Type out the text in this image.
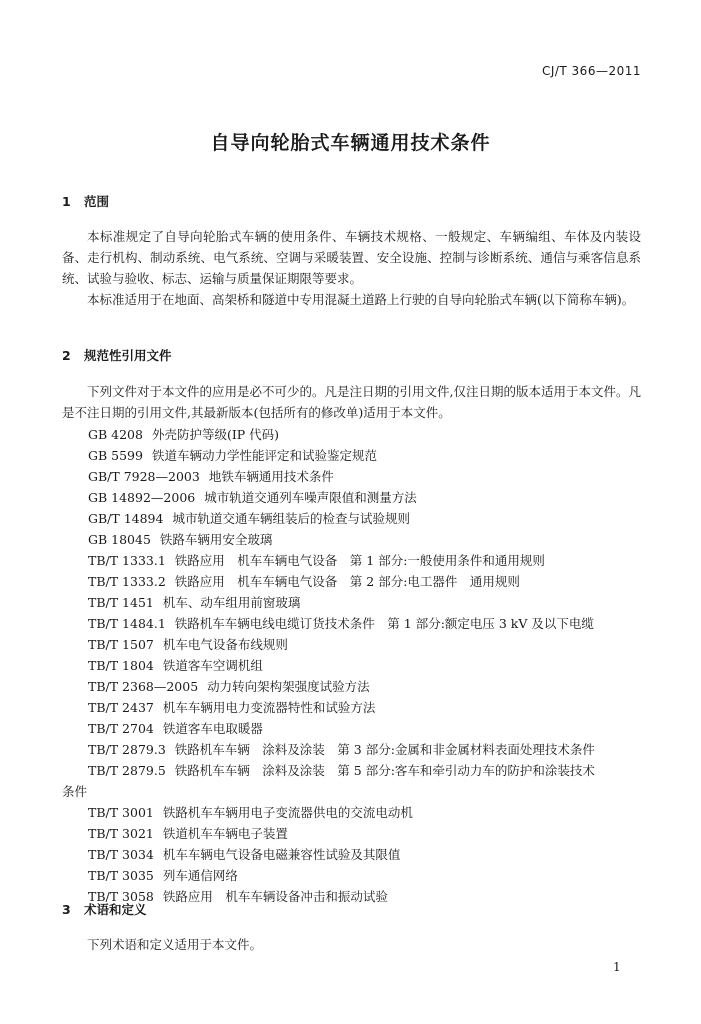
CJ/T 366—2011
自导向轮胎式车辆通用技术条件
1 范围

本标准规定了自导向轮胎式车辆的使用条件、车辆技术规格、一般规定、车辆编组、车体及内装设备、走行机构、制动系统、电气系统、空调与采暖装置、安全设施、控制与诊断系统、通信与乘客信息系统、试验与验收、标志、运输与质量保证期限等要求。

本标准适用于在地面、高架桥和隧道中专用混凝土道路上行驶的自导向轮胎式车辆(以下简称车辆)。

2 规范性引用文件

下列文件对于本文件的应用是必不可少的。凡是注日期的引用文件,仅注日期的版本适用于本文件。凡是不注日期的引用文件,其最新版本(包括所有的修改单)适用于本文件。

GB 4208 外壳防护等级(IP 代码)
GB 5599 铁道车辆动力学性能评定和试验鉴定规范
GB/T 7928—2003 地铁车辆通用技术条件
GB 14892—2006 城市轨道交通列车噪声限值和测量方法
GB/T 14894 城市轨道交通车辆组装后的检查与试验规则
GB 18045 铁路车辆用安全玻璃
TB/T 1333.1 铁路应用　机车车辆电气设备　第 1 部分:一般使用条件和通用规则
TB/T 1333.2 铁路应用　机车车辆电气设备　第 2 部分:电工器件　通用规则
TB/T 1451 机车、动车组用前窗玻璃
TB/T 1484.1 铁路机车车辆电线电缆订货技术条件　第 1 部分:额定电压 3 kV 及以下电缆
TB/T 1507 机车电气设备布线规则
TB/T 1804 铁道客车空调机组
TB/T 2368—2005 动力转向架构架强度试验方法
TB/T 2437 机车车辆用电力变流器特性和试验方法
TB/T 2704 铁道客车电取暖器
TB/T 2879.3 铁路机车车辆　涂料及涂装　第 3 部分:金属和非金属材料表面处理技术条件
TB/T 2879.5 铁路机车车辆　涂料及涂装　第 5 部分:客车和牵引动力车的防护和涂装技术
条件
TB/T 3001 铁路机车车辆用电子变流器供电的交流电动机
TB/T 3021 铁道机车车辆电子装置
TB/T 3034 机车车辆电气设备电磁兼容性试验及其限值
TB/T 3035 列车通信网络
TB/T 3058 铁路应用　机车车辆设备冲击和振动试验
3 术语和定义

下列术语和定义适用于本文件。

1
